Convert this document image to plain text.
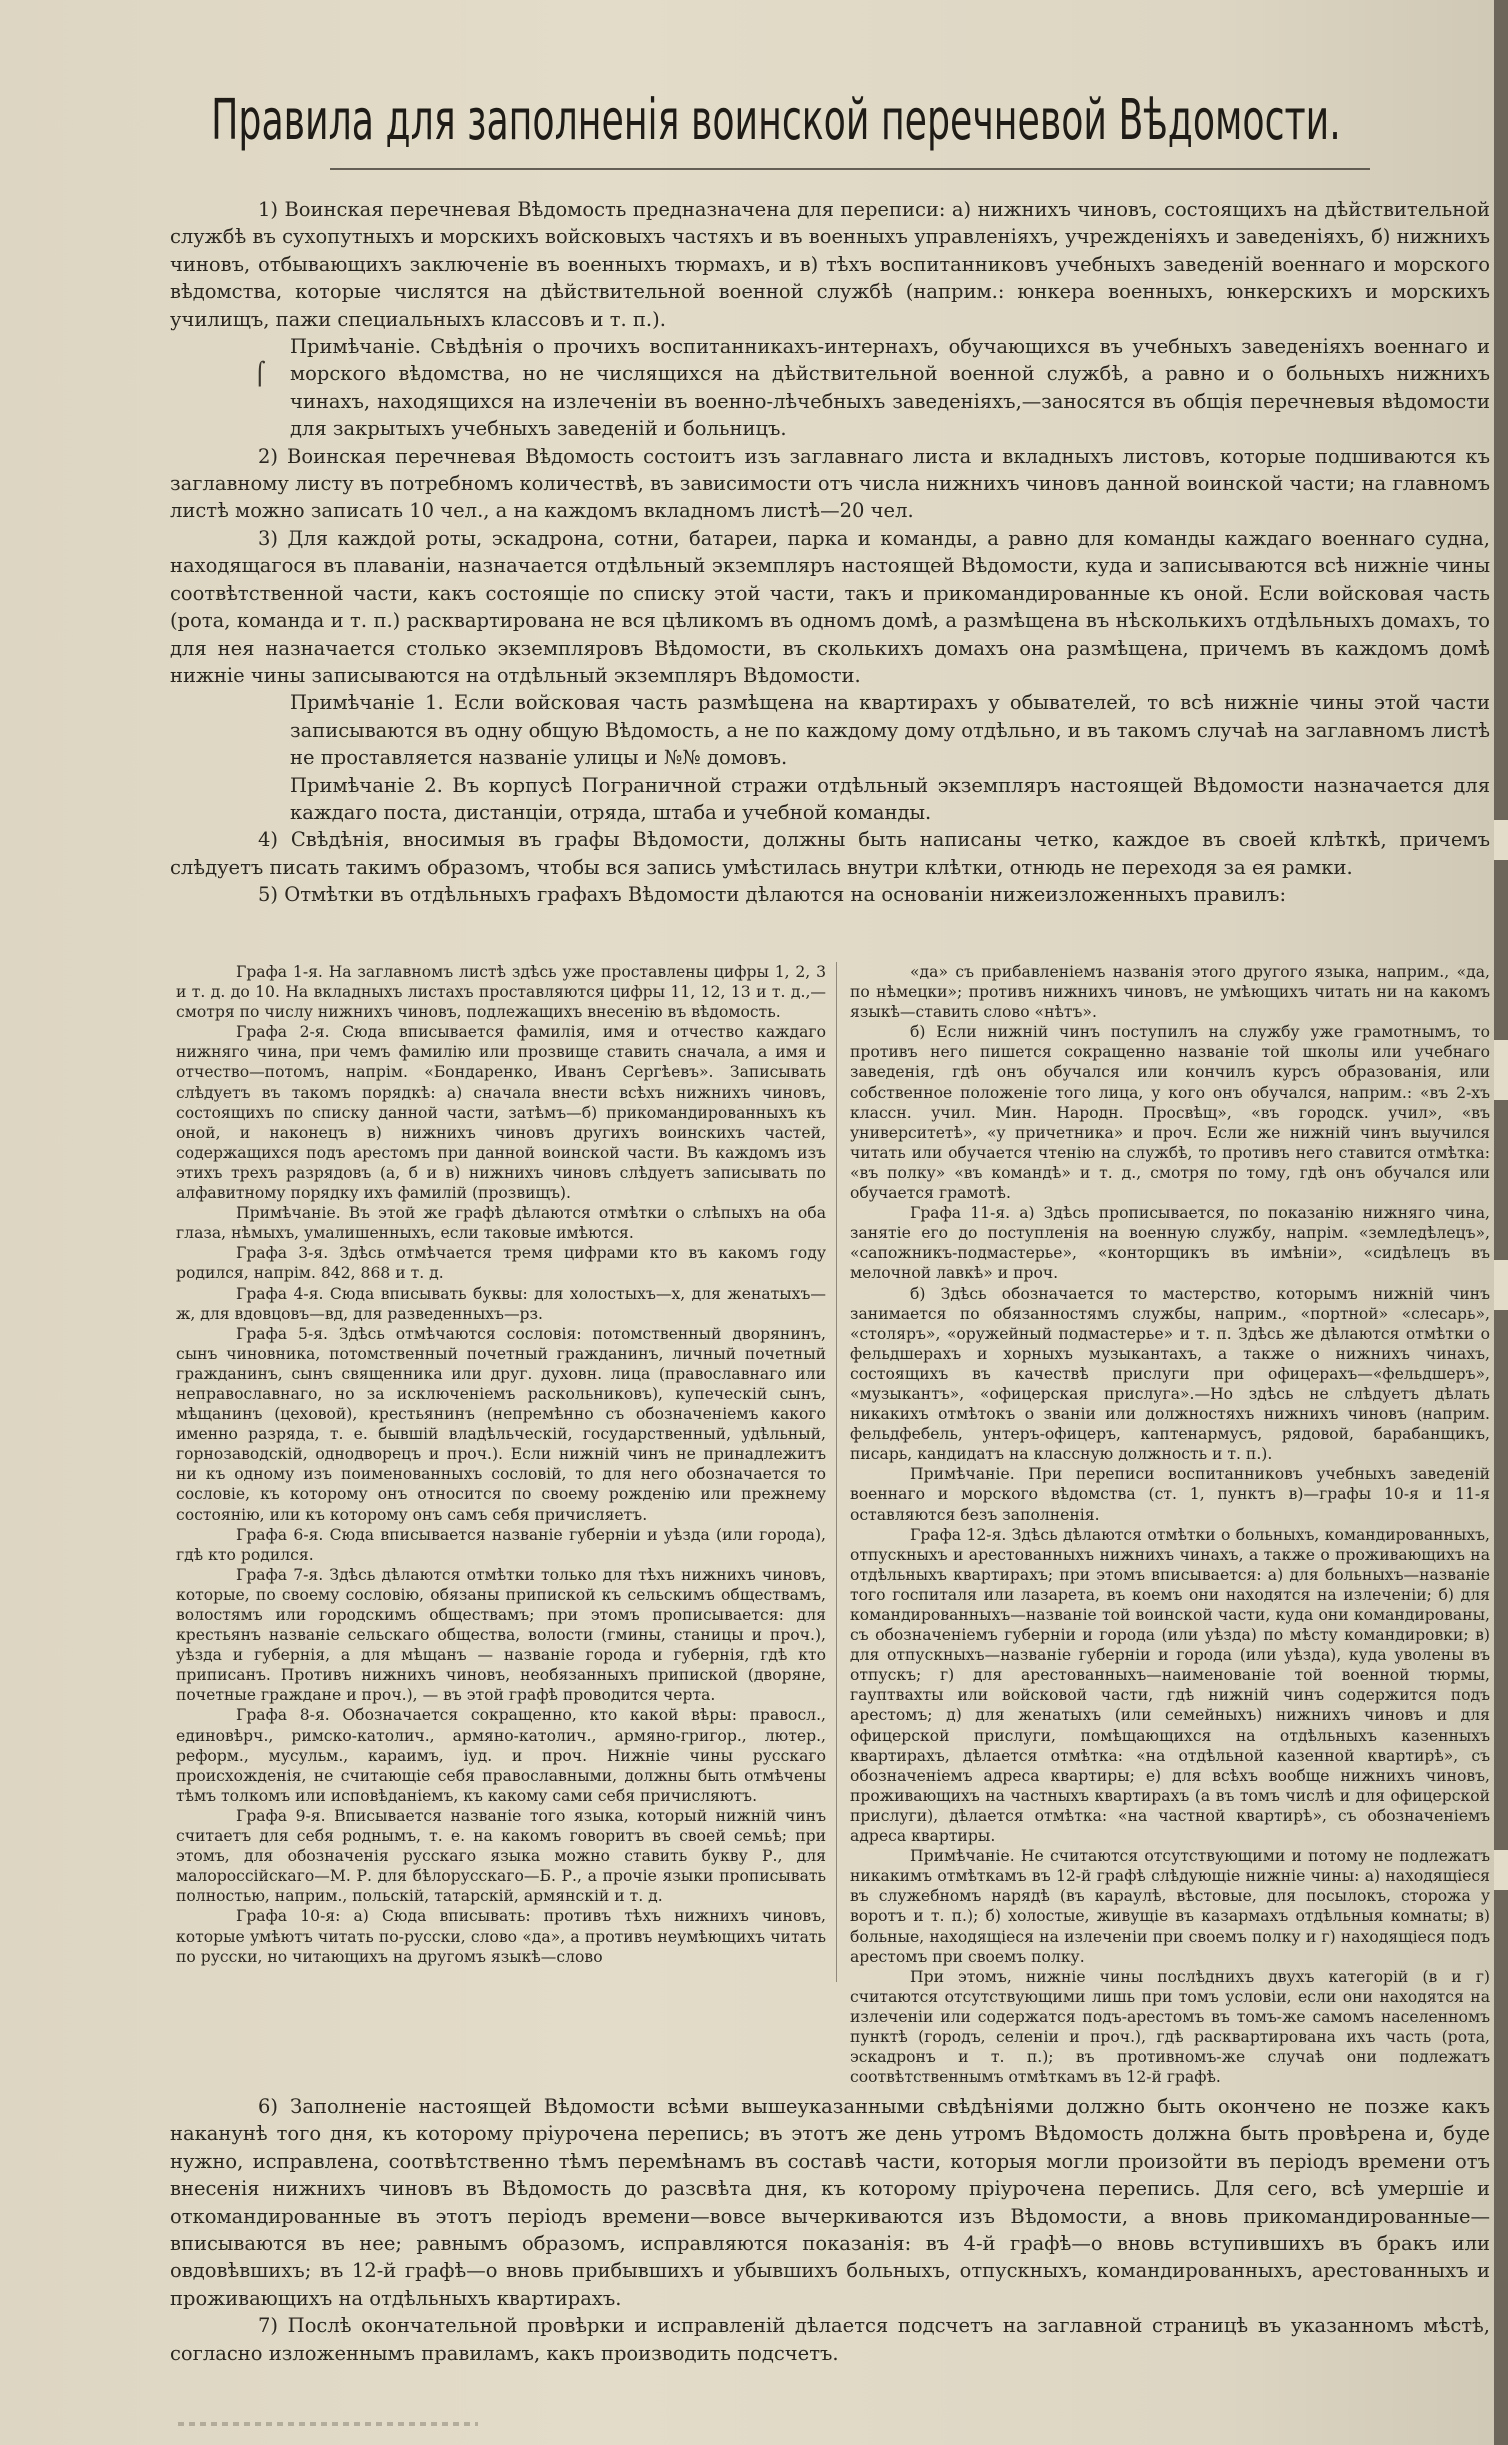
Правила для заполненія воинской перечневой Вѣдомости.

1) Воинская перечневая Вѣдомость предназначена для переписи: а) нижнихъ чиновъ, состоящихъ на дѣйствительной службѣ въ сухопутныхъ и морскихъ войсковыхъ частяхъ и въ военныхъ управленіяхъ, учрежденіяхъ и заведеніяхъ, б) нижнихъ чиновъ, отбывающихъ заключеніе въ военныхъ тюрмахъ, и в) тѣхъ воспитанниковъ учебныхъ заведеній военнаго и морского вѣдомства, которые числятся на дѣйствительной военной службѣ (наприм.: юнкера военныхъ, юнкерскихъ и морскихъ училищъ, пажи специальныхъ классовъ и т. п.).

Примѣчаніе. Свѣдѣнія о прочихъ воспитанникахъ-интернахъ, обучающихся въ учебныхъ заведеніяхъ военнаго и морского вѣдомства, но не числящихся на дѣйствительной военной службѣ, а равно и о больныхъ нижнихъ чинахъ, находящихся на излеченіи въ военно-лѣчебныхъ заведеніяхъ,—заносятся въ общія перечневыя вѣдомости для закрытыхъ учебныхъ заведеній и больницъ.

2) Воинская перечневая Вѣдомость состоитъ изъ заглавнаго листа и вкладныхъ листовъ, которые подшиваются къ заглавному листу въ потребномъ количествѣ, въ зависимости отъ числа нижнихъ чиновъ данной воинской части; на главномъ листѣ можно записать 10 чел., а на каждомъ вкладномъ листѣ—20 чел.

3) Для каждой роты, эскадрона, сотни, батареи, парка и команды, а равно для команды каждаго военнаго судна, находящагося въ плаваніи, назначается отдѣльный экземпляръ настоящей Вѣдомости, куда и записываются всѣ нижніе чины соотвѣтственной части, какъ состоящіе по списку этой части, такъ и прикомандированные къ оной. Если войсковая часть (рота, команда и т. п.) расквартирована не вся цѣликомъ въ одномъ домѣ, а размѣщена въ нѣсколькихъ отдѣльныхъ домахъ, то для нея назначается столько экземпляровъ Вѣдомости, въ сколькихъ домахъ она размѣщена, причемъ въ каждомъ домѣ нижніе чины записываются на отдѣльный экземпляръ Вѣдомости.

Примѣчаніе 1. Если войсковая часть размѣщена на квартирахъ у обывателей, то всѣ нижніе чины этой части записываются въ одну общую Вѣдомость, а не по каждому дому отдѣльно, и въ такомъ случаѣ на заглавномъ листѣ не проставляется названіе улицы и №№ домовъ.

Примѣчаніе 2. Въ корпусѣ Пограничной стражи отдѣльный экземпляръ настоящей Вѣдомости назначается для каждаго поста, дистанціи, отряда, штаба и учебной команды.

4) Свѣдѣнія, вносимыя въ графы Вѣдомости, должны быть написаны четко, каждое въ своей клѣткѣ, причемъ слѣдуетъ писать такимъ образомъ, чтобы вся запись умѣстилась внутри клѣтки, отнюдь не переходя за ея рамки.

5) Отмѣтки въ отдѣльныхъ графахъ Вѣдомости дѣлаются на основаніи нижеизложенныхъ правилъ:

⌠

Графа 1-я. На заглавномъ листѣ здѣсь уже проставлены цифры 1, 2, 3 и т. д. до 10. На вкладныхъ листахъ проставляются цифры 11, 12, 13 и т. д.,—смотря по числу нижнихъ чиновъ, подлежащихъ внесенію въ вѣдомость.

Графа 2-я. Сюда вписывается фамилія, имя и отчество каждаго нижняго чина, при чемъ фамилію или прозвище ставить сначала, а имя и отчество—потомъ, напрім. «Бондаренко, Иванъ Сергѣевъ». Записывать слѣдуетъ въ такомъ порядкѣ: а) сначала внести всѣхъ нижнихъ чиновъ, состоящихъ по списку данной части, затѣмъ—б) прикомандированныхъ къ оной, и наконецъ в) нижнихъ чиновъ другихъ воинскихъ частей, содержащихся подъ арестомъ при данной воинской части. Въ каждомъ изъ этихъ трехъ разрядовъ (а, б и в) нижнихъ чиновъ слѣдуетъ записывать по алфавитному порядку ихъ фамилій (прозвищъ).

Примѣчаніе. Въ этой же графѣ дѣлаются отмѣтки о слѣпыхъ на оба глаза, нѣмыхъ, умалишенныхъ, если таковые имѣются.

Графа 3-я. Здѣсь отмѣчается тремя цифрами кто въ какомъ году родился, напрім. 842, 868 и т. д.

Графа 4-я. Сюда вписывать буквы: для холостыхъ—х, для женатыхъ—ж, для вдовцовъ—вд, для разведенныхъ—рз.

Графа 5-я. Здѣсь отмѣчаются сословія: потомственный дворянинъ, сынъ чиновника, потомственный почетный гражданинъ, личный почетный гражданинъ, сынъ священника или друг. духовн. лица (православнаго или неправославнаго, но за исключеніемъ раскольниковъ), купеческій сынъ, мѣщанинъ (цеховой), крестьянинъ (непремѣнно съ обозначеніемъ какого именно разряда, т. е. бывшій владѣльческій, государственный, удѣльный, горнозаводскій, однодворецъ и проч.). Если нижній чинъ не принадлежитъ ни къ одному изъ поименованныхъ сословій, то для него обозначается то сословіе, къ которому онъ относится по своему рожденію или прежнему состоянію, или къ которому онъ самъ себя причисляетъ.

Графа 6-я. Сюда вписывается названіе губерніи и уѣзда (или города), гдѣ кто родился.

Графа 7-я. Здѣсь дѣлаются отмѣтки только для тѣхъ нижнихъ чиновъ, которые, по своему сословію, обязаны припиской къ сельскимъ обществамъ, волостямъ или городскимъ обществамъ; при этомъ прописывается: для крестьянъ названіе сельскаго общества, волости (гмины, станицы и проч.), уѣзда и губернія, а для мѣщанъ — названіе города и губернія, гдѣ кто приписанъ. Противъ нижнихъ чиновъ, необязанныхъ припиской (дворяне, почетные граждане и проч.), — въ этой графѣ проводится черта.

Графа 8-я. Обозначается сокращенно, кто какой вѣры: правосл., единовѣрч., римско-католич., армяно-католич., армяно-григор., лютер., реформ., мусульм., караимъ, іуд. и проч. Нижніе чины русскаго происхожденія, не считающіе себя православными, должны быть отмѣчены тѣмъ толкомъ или исповѣданіемъ, къ какому сами себя причисляютъ.

Графа 9-я. Вписывается названіе того языка, который нижній чинъ считаетъ для себя роднымъ, т. е. на какомъ говоритъ въ своей семьѣ; при этомъ, для обозначенія русскаго языка можно ставить букву Р., для малороссійскаго—М. Р. для бѣлорусскаго—Б. Р., а прочіе языки прописывать полностью, наприм., польскій, татарскій, армянскій и т. д.

Графа 10-я: а) Сюда вписывать: противъ тѣхъ нижнихъ чиновъ, которые умѣютъ читать по-русски, слово «да», а противъ неумѣющихъ читать по русски, но читающихъ на другомъ языкѣ—слово

«да» съ прибавленіемъ названія этого другого языка, наприм., «да, по нѣмецки»; противъ нижнихъ чиновъ, не умѣющихъ читать ни на какомъ языкѣ—ставить слово «нѣтъ».

б) Если нижній чинъ поступилъ на службу уже грамотнымъ, то противъ него пишется сокращенно названіе той школы или учебнаго заведенія, гдѣ онъ обучался или кончилъ курсъ образованія, или собственное положеніе того лица, у кого онъ обучался, наприм.: «въ 2-хъ классн. учил. Мин. Народн. Просвѣщ», «въ городск. учил», «въ университетѣ», «у причетника» и проч. Если же нижній чинъ выучился читать или обучается чтенію на службѣ, то противъ него ставится отмѣтка: «въ полку» «въ командѣ» и т. д., смотря по тому, гдѣ онъ обучался или обучается грамотѣ.

Графа 11-я. а) Здѣсь прописывается, по показанію нижняго чина, занятіе его до поступленія на военную службу, напрім. «земледѣлецъ», «сапожникъ-подмастерье», «конторщикъ въ имѣніи», «сидѣлецъ въ мелочной лавкѣ» и проч.

б) Здѣсь обозначается то мастерство, которымъ нижній чинъ занимается по обязанностямъ службы, наприм., «портной» «слесарь», «столяръ», «оружейный подмастерье» и т. п. Здѣсь же дѣлаются отмѣтки о фельдшерахъ и хорныхъ музыкантахъ, а также о нижнихъ чинахъ, состоящихъ въ качествѣ прислуги при офицерахъ—«фельдшеръ», «музыкантъ», «офицерская прислуга».—Но здѣсь не слѣдуетъ дѣлать никакихъ отмѣтокъ о званіи или должностяхъ нижнихъ чиновъ (наприм. фельдфебель, унтеръ-офицеръ, каптенармусъ, рядовой, барабанщикъ, писарь, кандидатъ на классную должность и т. п.).

Примѣчаніе. При переписи воспитанниковъ учебныхъ заведеній военнаго и морского вѣдомства (ст. 1, пунктъ в)—графы 10-я и 11-я оставляются безъ заполненія.

Графа 12-я. Здѣсь дѣлаются отмѣтки о больныхъ, командированныхъ, отпускныхъ и арестованныхъ нижнихъ чинахъ, а также о проживающихъ на отдѣльныхъ квартирахъ; при этомъ вписывается: а) для больныхъ—названіе того госпиталя или лазарета, въ коемъ они находятся на излеченіи; б) для командированныхъ—названіе той воинской части, куда они командированы, съ обозначеніемъ губерніи и города (или уѣзда) по мѣсту командировки; в) для отпускныхъ—названіе губерніи и города (или уѣзда), куда уволены въ отпускъ; г) для арестованныхъ—наименованіе той военной тюрмы, гауптвахты или войсковой части, гдѣ нижній чинъ содержится подъ арестомъ; д) для женатыхъ (или семейныхъ) нижнихъ чиновъ и для офицерской прислуги, помѣщающихся на отдѣльныхъ казенныхъ квартирахъ, дѣлается отмѣтка: «на отдѣльной казенной квартирѣ», съ обозначеніемъ адреса квартиры; е) для всѣхъ вообще нижнихъ чиновъ, проживающихъ на частныхъ квартирахъ (а въ томъ числѣ и для офицерской прислуги), дѣлается отмѣтка: «на частной квартирѣ», съ обозначеніемъ адреса квартиры.

Примѣчаніе. Не считаются отсутствующими и потому не подлежатъ никакимъ отмѣткамъ въ 12-й графѣ слѣдующіе нижніе чины: а) находящіеся въ служебномъ нарядѣ (въ караулѣ, вѣстовые, для посылокъ, сторожа у воротъ и т. п.); б) холостые, живущіе въ казармахъ отдѣльныя комнаты; в) больные, находящіеся на излеченіи при своемъ полку и г) находящіеся подъ арестомъ при своемъ полку.

При этомъ, нижніе чины послѣднихъ двухъ категорій (в и г) считаются отсутствующими лишь при томъ условіи, если они находятся на излеченіи или содержатся подъ-арестомъ въ томъ-же самомъ населенномъ пунктѣ (городъ, селеніи и проч.), гдѣ расквартирована ихъ часть (рота, эскадронъ и т. п.); въ противномъ-же случаѣ они подлежатъ соотвѣтственнымъ отмѣткамъ въ 12-й графѣ.

6) Заполненіе настоящей Вѣдомости всѣми вышеуказанными свѣдѣніями должно быть окончено не позже какъ наканунѣ того дня, къ которому пріурочена перепись; въ этотъ же день утромъ Вѣдомость должна быть провѣрена и, буде нужно, исправлена, соотвѣтственно тѣмъ перемѣнамъ въ составѣ части, которыя могли произойти въ періодъ времени отъ внесенія нижнихъ чиновъ въ Вѣдомость до разсвѣта дня, къ которому пріурочена перепись. Для сего, всѣ умершіе и откомандированные въ этотъ періодъ времени—вовсе вычеркиваются изъ Вѣдомости, а вновь прикомандированные—вписываются въ нее; равнымъ образомъ, исправляются показанія: въ 4-й графѣ—о вновь вступившихъ въ бракъ или овдовѣвшихъ; въ 12-й графѣ—о вновь прибывшихъ и убывшихъ больныхъ, отпускныхъ, командированныхъ, арестованныхъ и проживающихъ на отдѣльныхъ квартирахъ.

7) Послѣ окончательной провѣрки и исправленій дѣлается подсчетъ на заглавной страницѣ въ указанномъ мѣстѣ, согласно изложеннымъ правиламъ, какъ производить подсчетъ.
